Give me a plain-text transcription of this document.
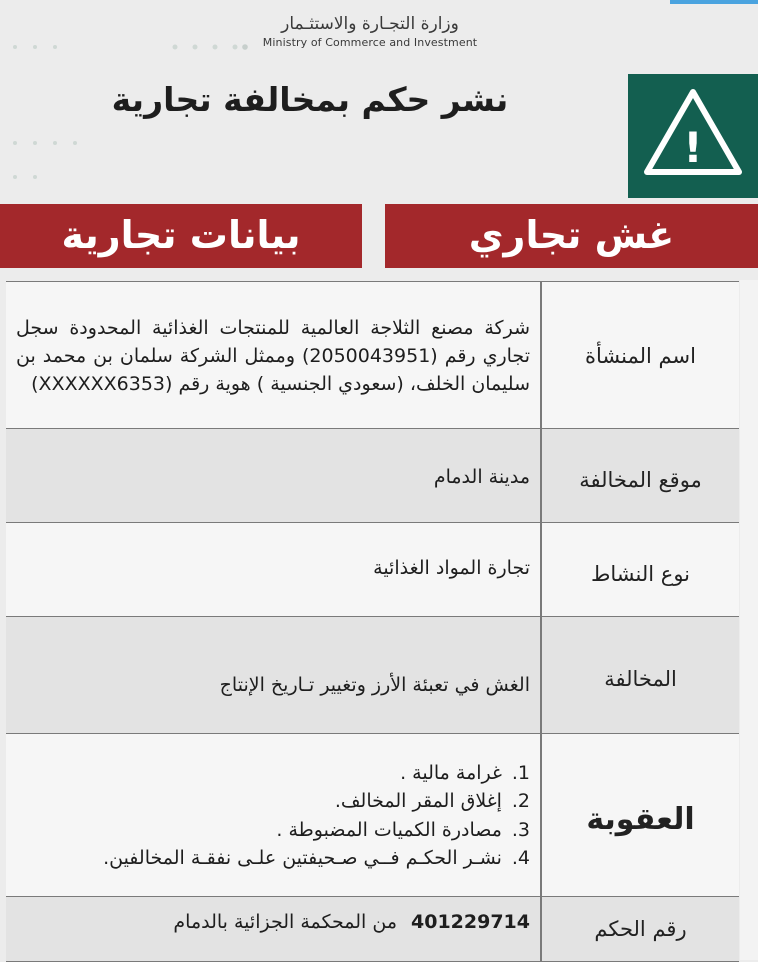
وزارة التجـارة والاستثـمار
Ministry of Commerce and Investment
نشر حكم بمخالفة تجارية
!
بيانات تجارية	غش تجاري
اسم المنشأة
شركة مصنع الثلاجة العالمية للمنتجات الغذائية المحدودة سجل تجاري رقم (2050043951) وممثل الشركة سلمان بن محمد بن سليمان الخلف، (سعودي الجنسية ) هوية رقم (XXXXXX6353)
موقع المخالفة
مدينة الدمام
نوع النشاط
تجارة المواد الغذائية
المخالفة
الغش في تعبئة الأرز وتغيير تـاريخ الإنتاج
العقوبة
1. غرامة مالية .
2. إغلاق المقر المخالف.
3. مصادرة الكميات المضبوطة .
4. نشـر الحكـم فــي صـحيفتين علـى نفقـة المخالفين.
رقم الحكم
401229714
من المحكمة الجزائية بالدمام
